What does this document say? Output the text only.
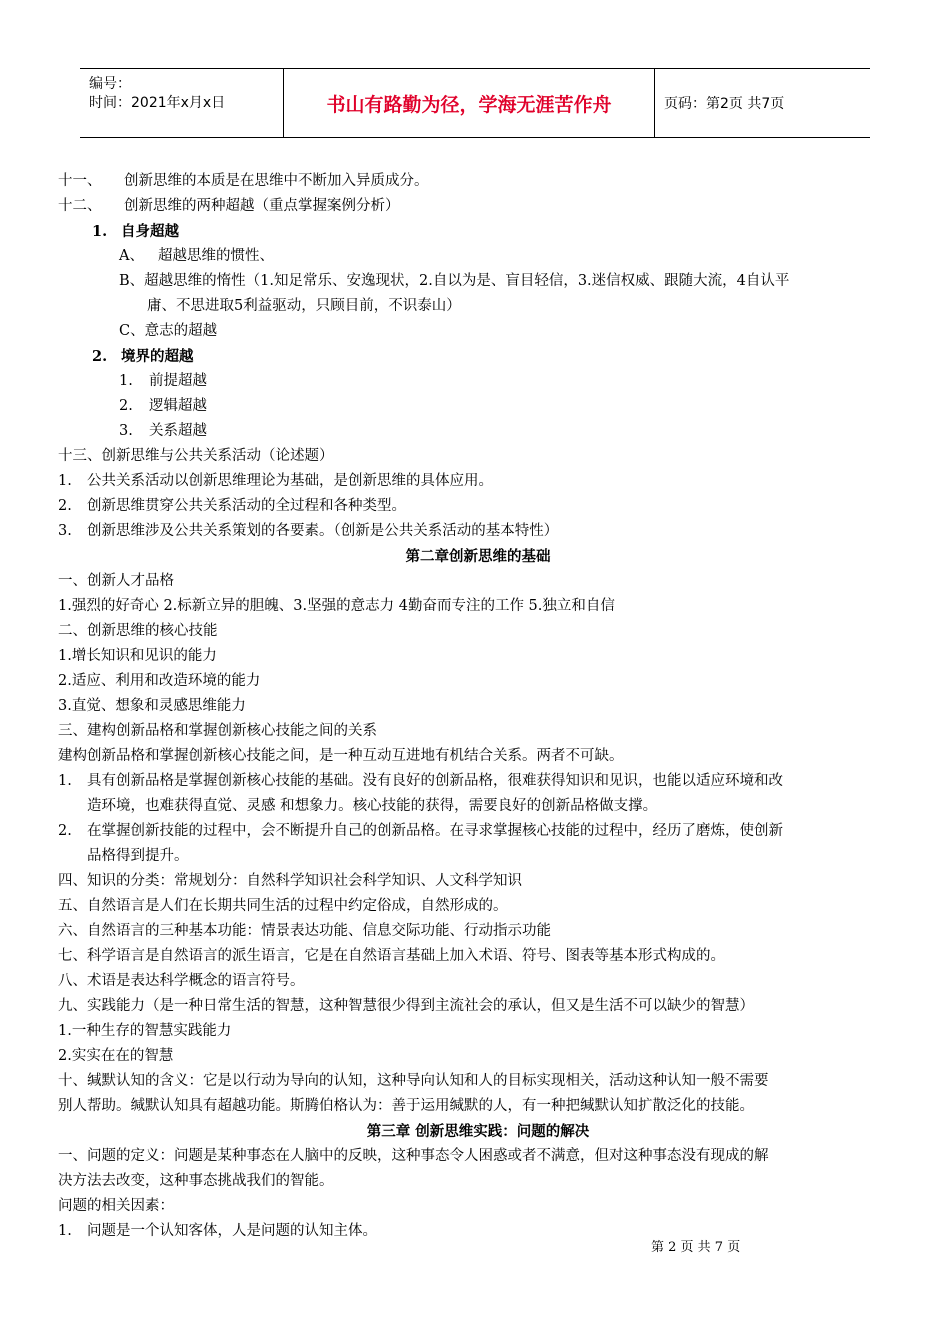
编号：
时间：2021年x月x日	书山有路勤为径，学海无涯苦作舟	页码：第2页 共7页
十一、 创新思维的本质是在思维中不断加入异质成分。
十二、 创新思维的两种超越（重点掌握案例分析）
1. 自身超越
A、 超越思维的惯性、
B、超越思维的惰性（1.知足常乐、安逸现状，2.自以为是、盲目轻信，3.迷信权威、跟随大流，4自认平
庸、不思进取5利益驱动，只顾目前，不识泰山）
C、意志的超越
2. 境界的超越
1. 前提超越
2. 逻辑超越
3. 关系超越
十三、创新思维与公共关系活动（论述题）
1. 公共关系活动以创新思维理论为基础，是创新思维的具体应用。
2. 创新思维贯穿公共关系活动的全过程和各种类型。
3. 创新思维涉及公共关系策划的各要素。（创新是公共关系活动的基本特性）
第二章创新思维的基础
一、创新人才品格
1.强烈的好奇心 2.标新立异的胆魄、3.坚强的意志力 4勤奋而专注的工作 5.独立和自信
二、创新思维的核心技能
1.增长知识和见识的能力
2.适应、利用和改造环境的能力
3.直觉、想象和灵感思维能力
三、建构创新品格和掌握创新核心技能之间的关系
建构创新品格和掌握创新核心技能之间，是一种互动互进地有机结合关系。两者不可缺。
1. 具有创新品格是掌握创新核心技能的基础。没有良好的创新品格，很难获得知识和见识，也能以适应环境和改
造环境，也难获得直觉、灵感 和想象力。核心技能的获得，需要良好的创新品格做支撑。
2. 在掌握创新技能的过程中，会不断提升自己的创新品格。在寻求掌握核心技能的过程中，经历了磨炼，使创新
品格得到提升。
四、知识的分类：常规划分：自然科学知识社会科学知识、人文科学知识
五、自然语言是人们在长期共同生活的过程中约定俗成，自然形成的。
六、自然语言的三种基本功能：情景表达功能、信息交际功能、行动指示功能
七、科学语言是自然语言的派生语言，它是在自然语言基础上加入术语、符号、图表等基本形式构成的。
八、术语是表达科学概念的语言符号。
九、实践能力（是一种日常生活的智慧，这种智慧很少得到主流社会的承认，但又是生活不可以缺少的智慧）
1.一种生存的智慧实践能力
2.实实在在的智慧
十、缄默认知的含义：它是以行动为导向的认知，这种导向认知和人的目标实现相关，活动这种认知一般不需要
别人帮助。缄默认知具有超越功能。斯腾伯格认为：善于运用缄默的人，有一种把缄默认知扩散泛化的技能。
第三章 创新思维实践：问题的解决
一、问题的定义：问题是某种事态在人脑中的反映，这种事态令人困惑或者不满意，但对这种事态没有现成的解
决方法去改变，这种事态挑战我们的智能。
问题的相关因素：
1. 问题是一个认知客体，人是问题的认知主体。
第 2 页 共 7 页
